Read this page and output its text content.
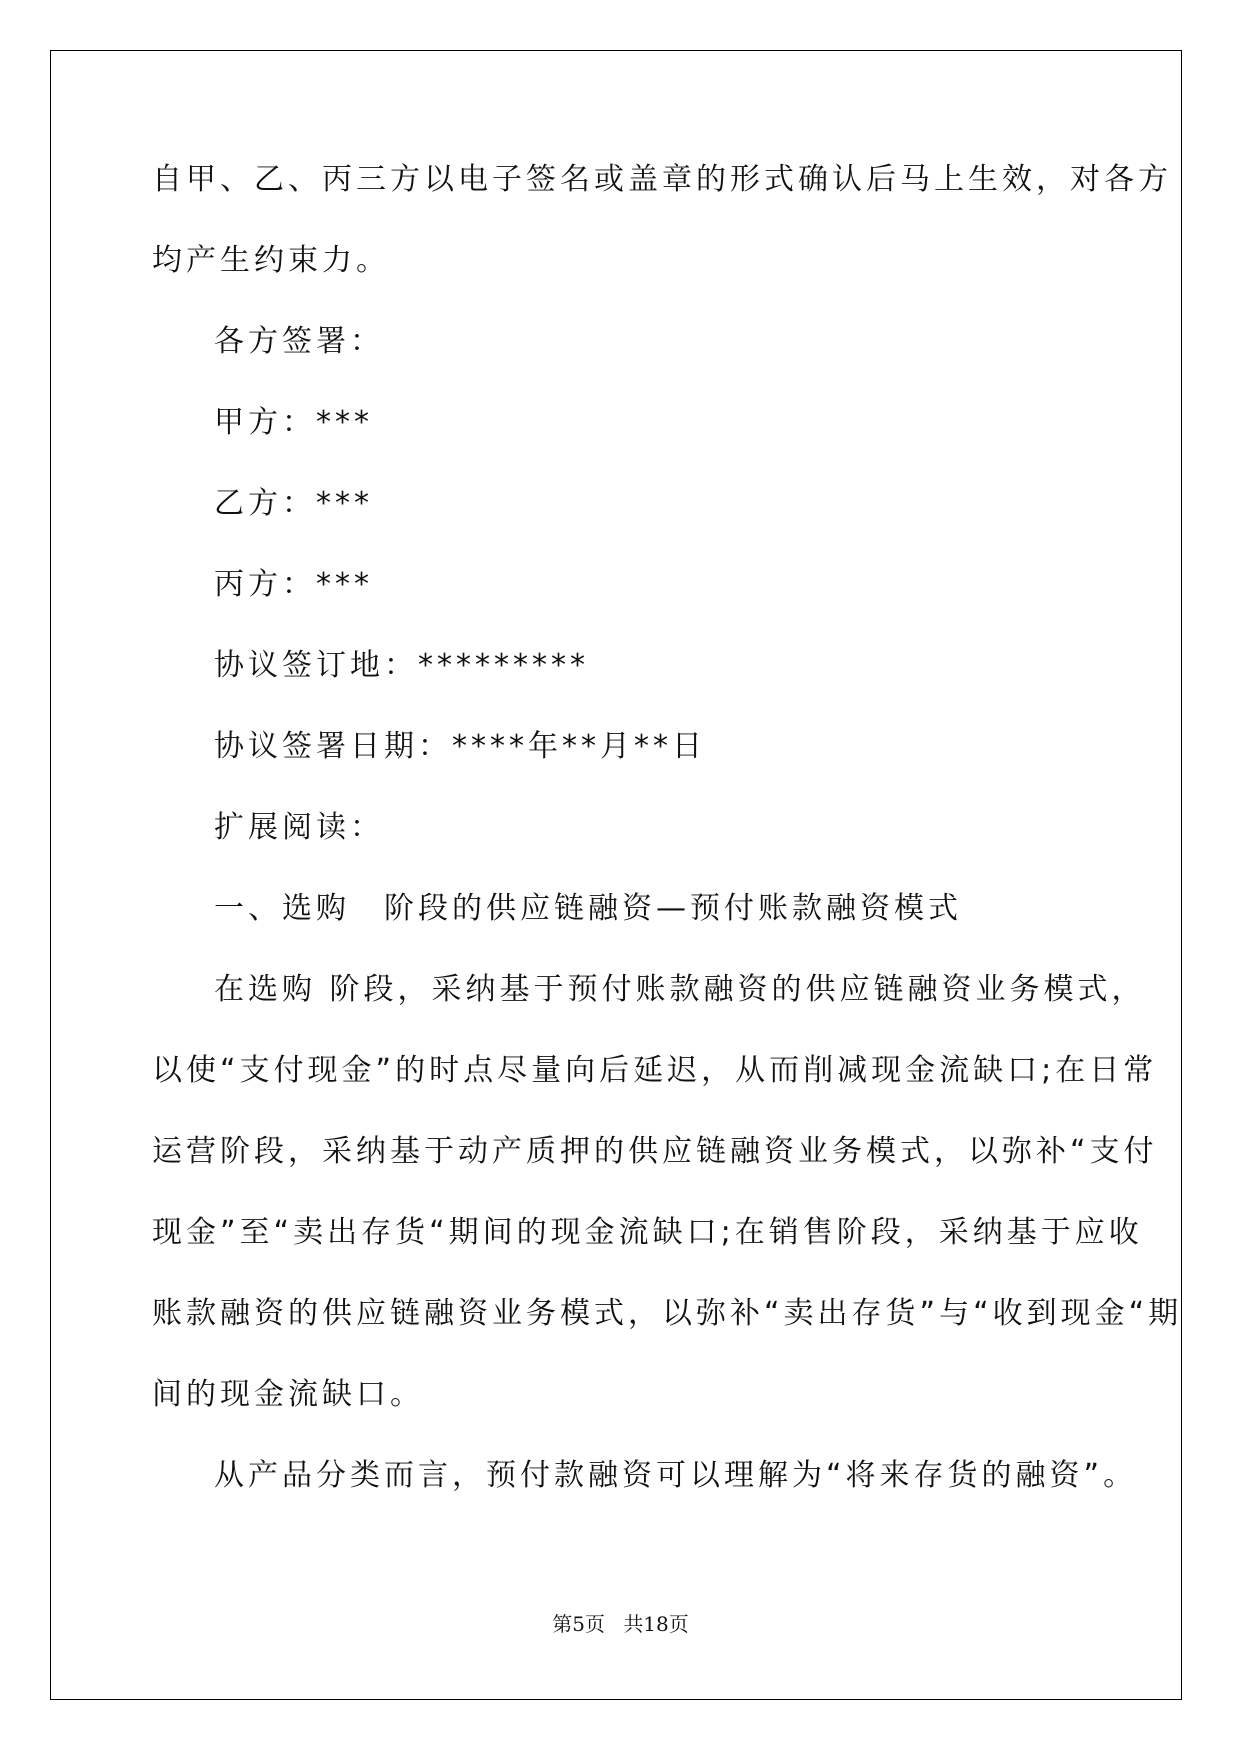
自甲、乙、丙三方以电子签名或盖章的形式确认后马上生效，对各方
均产生约束力。
各方签署：
甲方：***
乙方：***
丙方：***
协议签订地：*********
协议签署日期：****年**月**日
扩展阅读：
一、选购　阶段的供应链融资—预付账款融资模式
在选购 阶段，采纳基于预付账款融资的供应链融资业务模式，
以使“支付现金”的时点尽量向后延迟，从而削减现金流缺口;在日常
运营阶段，采纳基于动产质押的供应链融资业务模式，以弥补“支付
现金”至“卖出存货“期间的现金流缺口;在销售阶段，采纳基于应收
账款融资的供应链融资业务模式，以弥补“卖出存货”与“收到现金“期
间的现金流缺口。
从产品分类而言，预付款融资可以理解为“将来存货的融资”。
第5页 共18页
